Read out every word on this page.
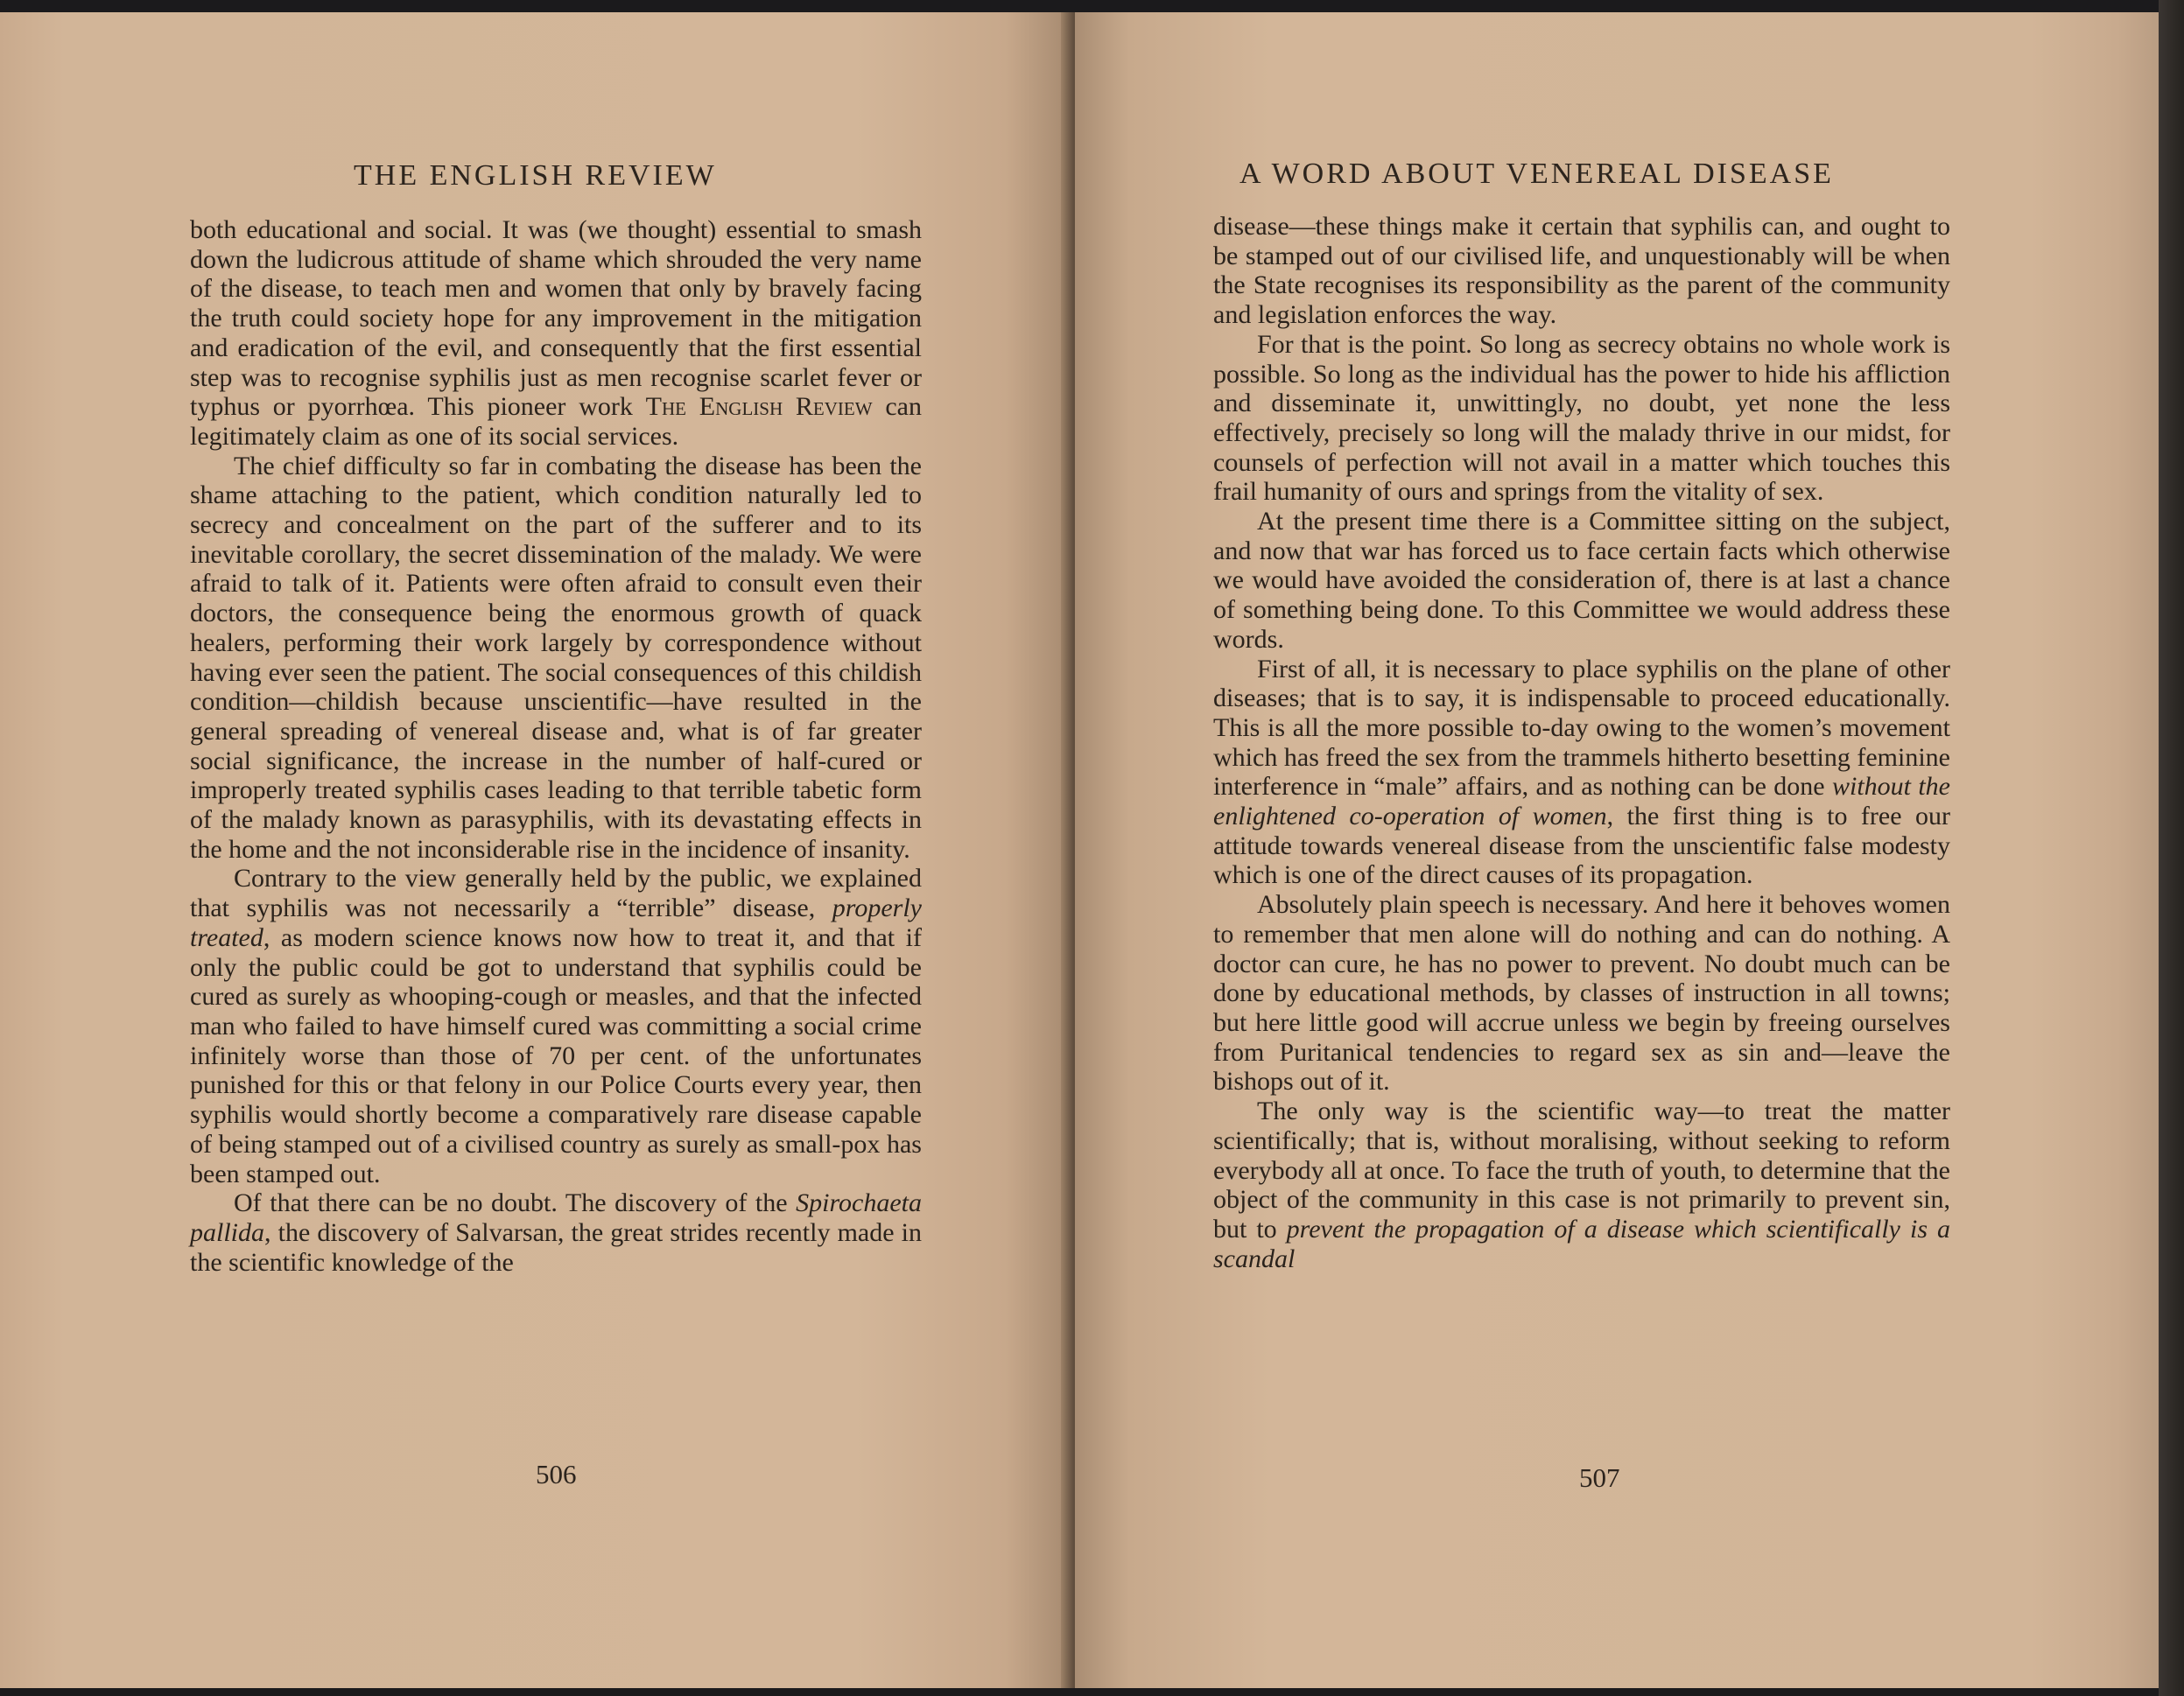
THE ENGLISH REVIEW

both educational and social. It was (we thought) essential to smash down the ludicrous attitude of shame which shrouded the very name of the disease, to teach men and women that only by bravely facing the truth could society hope for any improvement in the mitigation and eradication of the evil, and consequently that the first essential step was to recognise syphilis just as men recognise scarlet fever or typhus or pyorrhœa. This pioneer work The English Review can legitimately claim as one of its social services.

The chief difficulty so far in combating the disease has been the shame attaching to the patient, which condition naturally led to secrecy and concealment on the part of the sufferer and to its inevitable corollary, the secret dissemination of the malady. We were afraid to talk of it. Patients were often afraid to consult even their doctors, the consequence being the enormous growth of quack healers, performing their work largely by correspondence without having ever seen the patient. The social consequences of this childish condition—childish because unscientific—have resulted in the general spreading of venereal disease and, what is of far greater social significance, the increase in the number of half-cured or improperly treated syphilis cases leading to that terrible tabetic form of the malady known as parasyphilis, with its devastating effects in the home and the not inconsiderable rise in the incidence of insanity.

Contrary to the view generally held by the public, we explained that syphilis was not necessarily a “terrible” disease, properly treated, as modern science knows now how to treat it, and that if only the public could be got to understand that syphilis could be cured as surely as whooping-cough or measles, and that the infected man who failed to have himself cured was committing a social crime infinitely worse than those of 70 per cent. of the unfortunates punished for this or that felony in our Police Courts every year, then syphilis would shortly become a comparatively rare disease capable of being stamped out of a civilised country as surely as small-pox has been stamped out.

Of that there can be no doubt. The discovery of the Spirochaeta pallida, the discovery of Salvarsan, the great strides recently made in the scientific knowledge of the

506
A WORD ABOUT VENEREAL DISEASE

disease—these things make it certain that syphilis can, and ought to be stamped out of our civilised life, and unquestionably will be when the State recognises its responsibility as the parent of the community and legislation enforces the way.

For that is the point. So long as secrecy obtains no whole work is possible. So long as the individual has the power to hide his affliction and disseminate it, unwittingly, no doubt, yet none the less effectively, precisely so long will the malady thrive in our midst, for counsels of perfection will not avail in a matter which touches this frail humanity of ours and springs from the vitality of sex.

At the present time there is a Committee sitting on the subject, and now that war has forced us to face certain facts which otherwise we would have avoided the consideration of, there is at last a chance of something being done. To this Committee we would address these words.

First of all, it is necessary to place syphilis on the plane of other diseases; that is to say, it is indispensable to proceed educationally. This is all the more possible to-day owing to the women’s movement which has freed the sex from the trammels hitherto besetting feminine interference in “male” affairs, and as nothing can be done without the enlightened co-operation of women, the first thing is to free our attitude towards venereal disease from the unscientific false modesty which is one of the direct causes of its propagation.

Absolutely plain speech is necessary. And here it behoves women to remember that men alone will do nothing and can do nothing. A doctor can cure, he has no power to prevent. No doubt much can be done by educational methods, by classes of instruction in all towns; but here little good will accrue unless we begin by freeing ourselves from Puritanical tendencies to regard sex as sin and—leave the bishops out of it.

The only way is the scientific way—to treat the matter scientifically; that is, without moralising, without seeking to reform everybody all at once. To face the truth of youth, to determine that the object of the community in this case is not primarily to prevent sin, but to prevent the propagation of a disease which scientifically is a scandal

507
